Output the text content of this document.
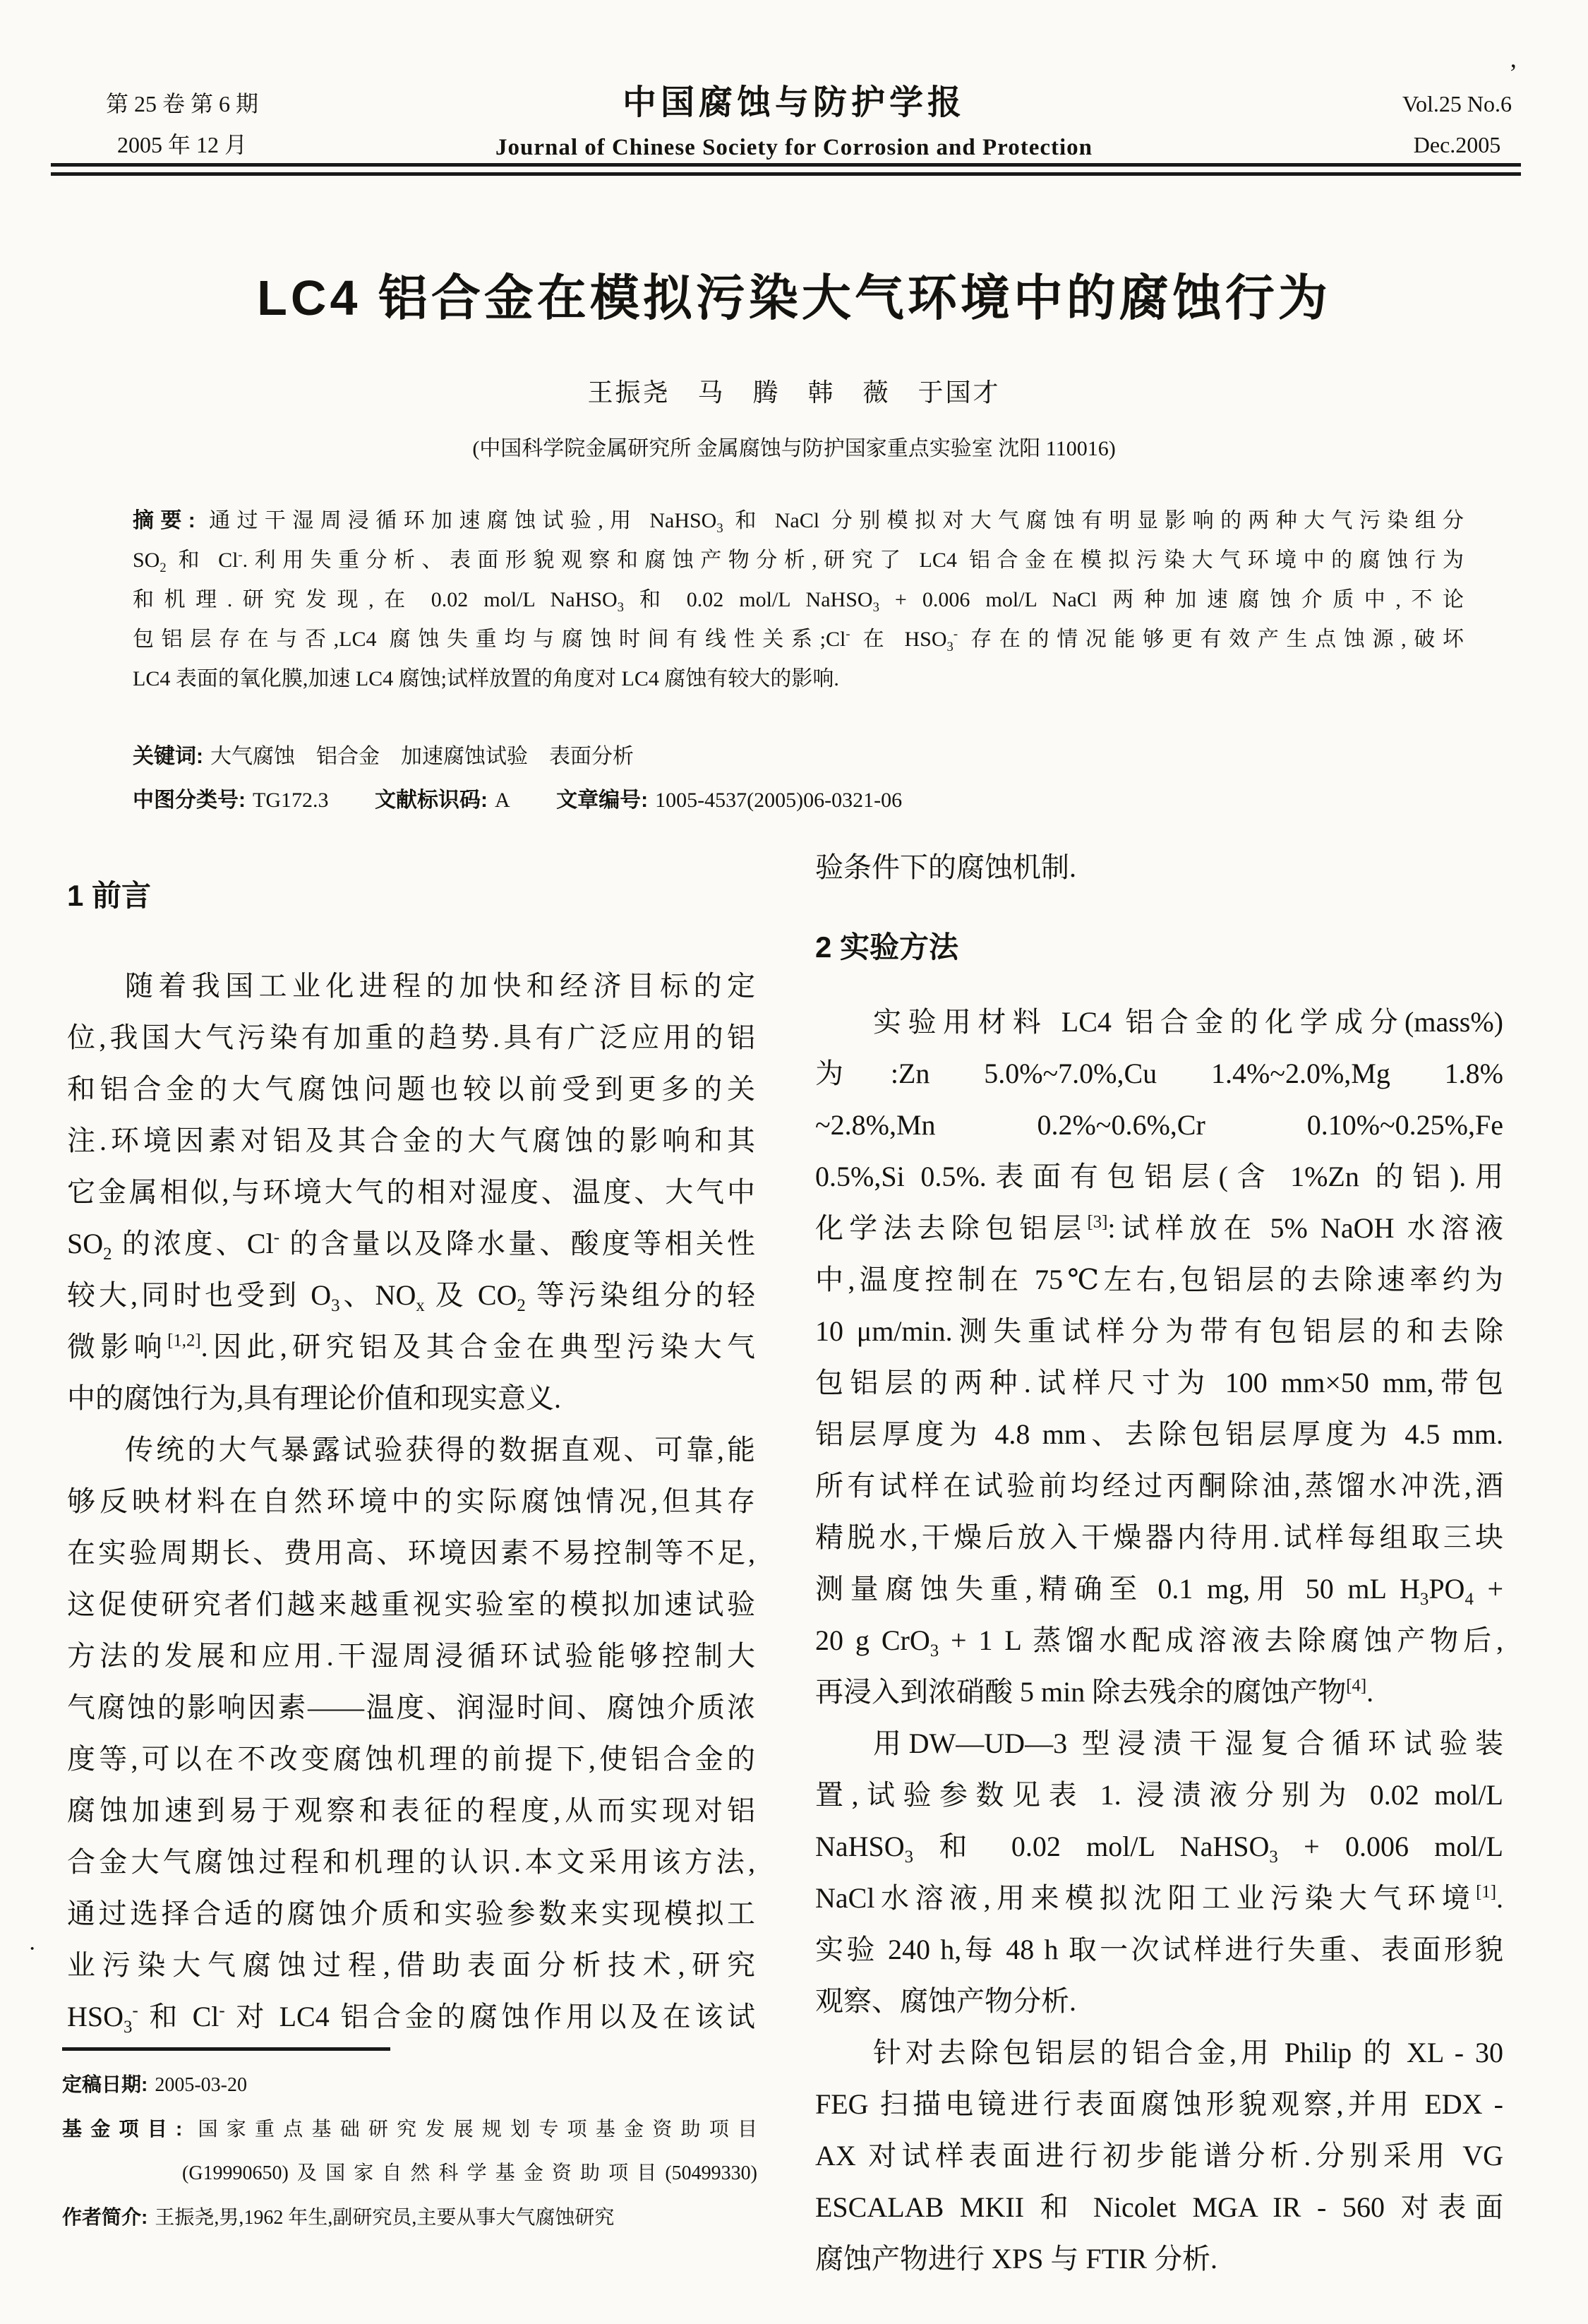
第 25 卷 第 6 期
2005 年 12 月
中国腐蚀与防护学报
Journal of Chinese Society for Corrosion and Protection
Vol.25 No.6
Dec.2005
LC4 铝合金在模拟污染大气环境中的腐蚀行为
王振尧　马　腾　韩　薇　于国才
(中国科学院金属研究所 金属腐蚀与防护国家重点实验室 沈阳 110016)
摘要: 通过干湿周浸循环加速腐蚀试验,用 NaHSO$_3$ 和 NaCl 分别模拟对大气腐蚀有明显影响的两种大气污染组分
$SO_2$ 和 Cl-.利用失重分析、表面形貌观察和腐蚀产物分析,研究了 LC4 铝合金在模拟污染大气环境中的腐蚀行为
和机理.研究发现,在 0.02 mol/L NaHSO$_3$ 和 0.02 mol/L NaHSO$_3$ + 0.006 mol/L NaCl 两种加速腐蚀介质中,不论
包铝层存在与否,LC4 腐蚀失重均与腐蚀时间有线性关系;Cl- 在 $HSO_3^-$ 存在的情况能够更有效产生点蚀源,破坏
LC4 表面的氧化膜,加速 LC4 腐蚀;试样放置的角度对 LC4 腐蚀有较大的影响.
关键词: 大气腐蚀　铝合金　加速腐蚀试验　表面分析
中图分类号: TG172.3 文献标识码: A 文章编号: 1005-4537(2005)06-0321-06
1 前言
随着我国工业化进程的加快和经济目标的定
位,我国大气污染有加重的趋势.具有广泛应用的铝
和铝合金的大气腐蚀问题也较以前受到更多的关
注.环境因素对铝及其合金的大气腐蚀的影响和其
它金属相似,与环境大气的相对湿度、温度、大气中
$SO_2$ 的浓度、Cl- 的含量以及降水量、酸度等相关性
较大,同时也受到 $O_3$、$NO_x$ 及 $CO_2$ 等污染组分的轻
微影响[1,2].因此,研究铝及其合金在典型污染大气
中的腐蚀行为,具有理论价值和现实意义.
传统的大气暴露试验获得的数据直观、可靠,能
够反映材料在自然环境中的实际腐蚀情况,但其存
在实验周期长、费用高、环境因素不易控制等不足,
这促使研究者们越来越重视实验室的模拟加速试验
方法的发展和应用.干湿周浸循环试验能够控制大
气腐蚀的影响因素——温度、润湿时间、腐蚀介质浓
度等,可以在不改变腐蚀机理的前提下,使铝合金的
腐蚀加速到易于观察和表征的程度,从而实现对铝
合金大气腐蚀过程和机理的认识.本文采用该方法,
通过选择合适的腐蚀介质和实验参数来实现模拟工
业污染大气腐蚀过程,借助表面分析技术,研究
$HSO_3^-$ 和 Cl- 对 LC4 铝合金的腐蚀作用以及在该试
验条件下的腐蚀机制.
2 实验方法
实验用材料 LC4 铝合金的化学成分(mass%)
为:Zn 5.0%~7.0%,Cu 1.4%~2.0%,Mg 1.8%
~2.8%,Mn 0.2%~0.6%,Cr 0.10%~0.25%,Fe
0.5%,Si 0.5%.表面有包铝层(含 1%Zn 的铝).用
化学法去除包铝层[3]:试样放在 5% NaOH 水溶液
中,温度控制在 75℃左右,包铝层的去除速率约为
10 μm/min.测失重试样分为带有包铝层的和去除
包铝层的两种.试样尺寸为 100 mm×50 mm,带包
铝层厚度为 4.8 mm、去除包铝层厚度为 4.5 mm.
所有试样在试验前均经过丙酮除油,蒸馏水冲洗,酒
精脱水,干燥后放入干燥器内待用.试样每组取三块
测量腐蚀失重,精确至 0.1 mg,用 50 mL $H_3PO_4$ +
20 g CrO$_3$ + 1 L 蒸馏水配成溶液去除腐蚀产物后,
再浸入到浓硝酸 5 min 除去残余的腐蚀产物[4].
用DW—UD—3 型浸渍干湿复合循环试验装
置,试验参数见表 1. 浸渍液分别为 0.02 mol/L
NaHSO$_3$ 和 0.02 mol/L NaHSO$_3$ + 0.006 mol/L
NaCl水溶液,用来模拟沈阳工业污染大气环境[1].
实验 240 h,每 48 h 取一次试样进行失重、表面形貌
观察、腐蚀产物分析.
针对去除包铝层的铝合金,用 Philip 的 XL - 30
FEG 扫描电镜进行表面腐蚀形貌观察,并用 EDX -
AX 对试样表面进行初步能谱分析.分别采用 VG
ESCALAB MKII 和 Nicolet MGA IR - 560 对表面
腐蚀产物进行 XPS 与 FTIR 分析.
定稿日期: 2005-03-20
基金项目: 国家重点基础研究发展规划专项基金资助项目
(G19990650)及国家自然科学基金资助项目(50499330)
作者简介: 王振尧,男,1962 年生,副研究员,主要从事大气腐蚀研究
’
·
